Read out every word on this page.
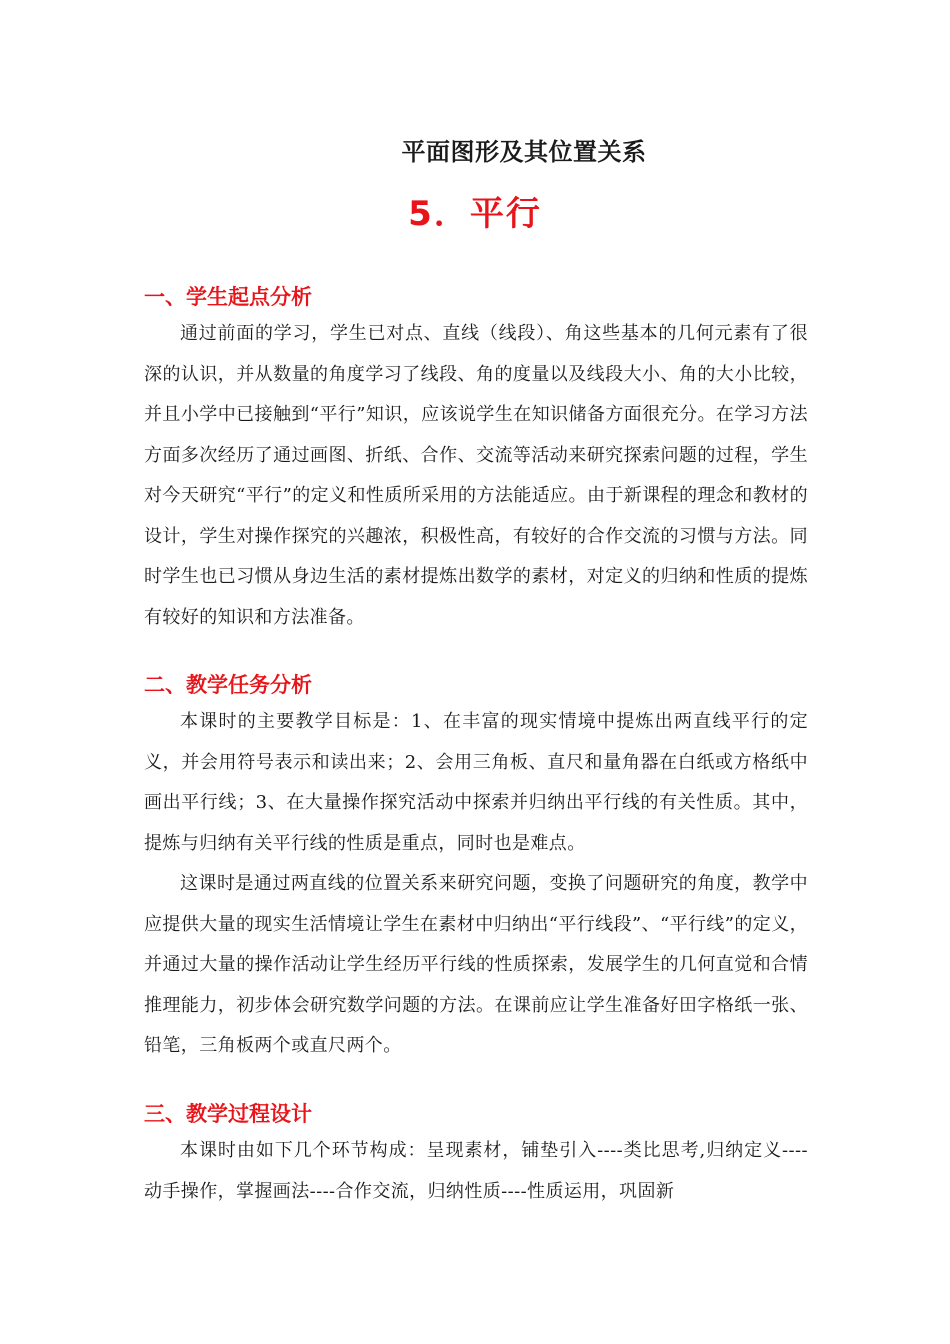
平面图形及其位置关系
5．平行
一、学生起点分析

通过前面的学习，学生已对点、直线（线段）、角这些基本的几何元素有了很深的认识，并从数量的角度学习了线段、角的度量以及线段大小、角的大小比较，并且小学中已接触到“平行”知识，应该说学生在知识储备方面很充分。在学习方法方面多次经历了通过画图、折纸、合作、交流等活动来研究探索问题的过程，学生对今天研究“平行”的定义和性质所采用的方法能适应。由于新课程的理念和教材的设计，学生对操作探究的兴趣浓，积极性高，有较好的合作交流的习惯与方法。同时学生也已习惯从身边生活的素材提炼出数学的素材，对定义的归纳和性质的提炼有较好的知识和方法准备。

二、教学任务分析

本课时的主要教学目标是：1、在丰富的现实情境中提炼出两直线平行的定义，并会用符号表示和读出来；2、会用三角板、直尺和量角器在白纸或方格纸中画出平行线；3、在大量操作探究活动中探索并归纳出平行线的有关性质。其中，提炼与归纳有关平行线的性质是重点，同时也是难点。

这课时是通过两直线的位置关系来研究问题，变换了问题研究的角度，教学中应提供大量的现实生活情境让学生在素材中归纳出“平行线段”、“平行线”的定义，并通过大量的操作活动让学生经历平行线的性质探索，发展学生的几何直觉和合情推理能力，初步体会研究数学问题的方法。在课前应让学生准备好田字格纸一张、铅笔，三角板两个或直尺两个。

三、教学过程设计

本课时由如下几个环节构成：呈现素材，铺垫引入----类比思考,归纳定义----动手操作，掌握画法----合作交流，归纳性质----性质运用，巩固新
